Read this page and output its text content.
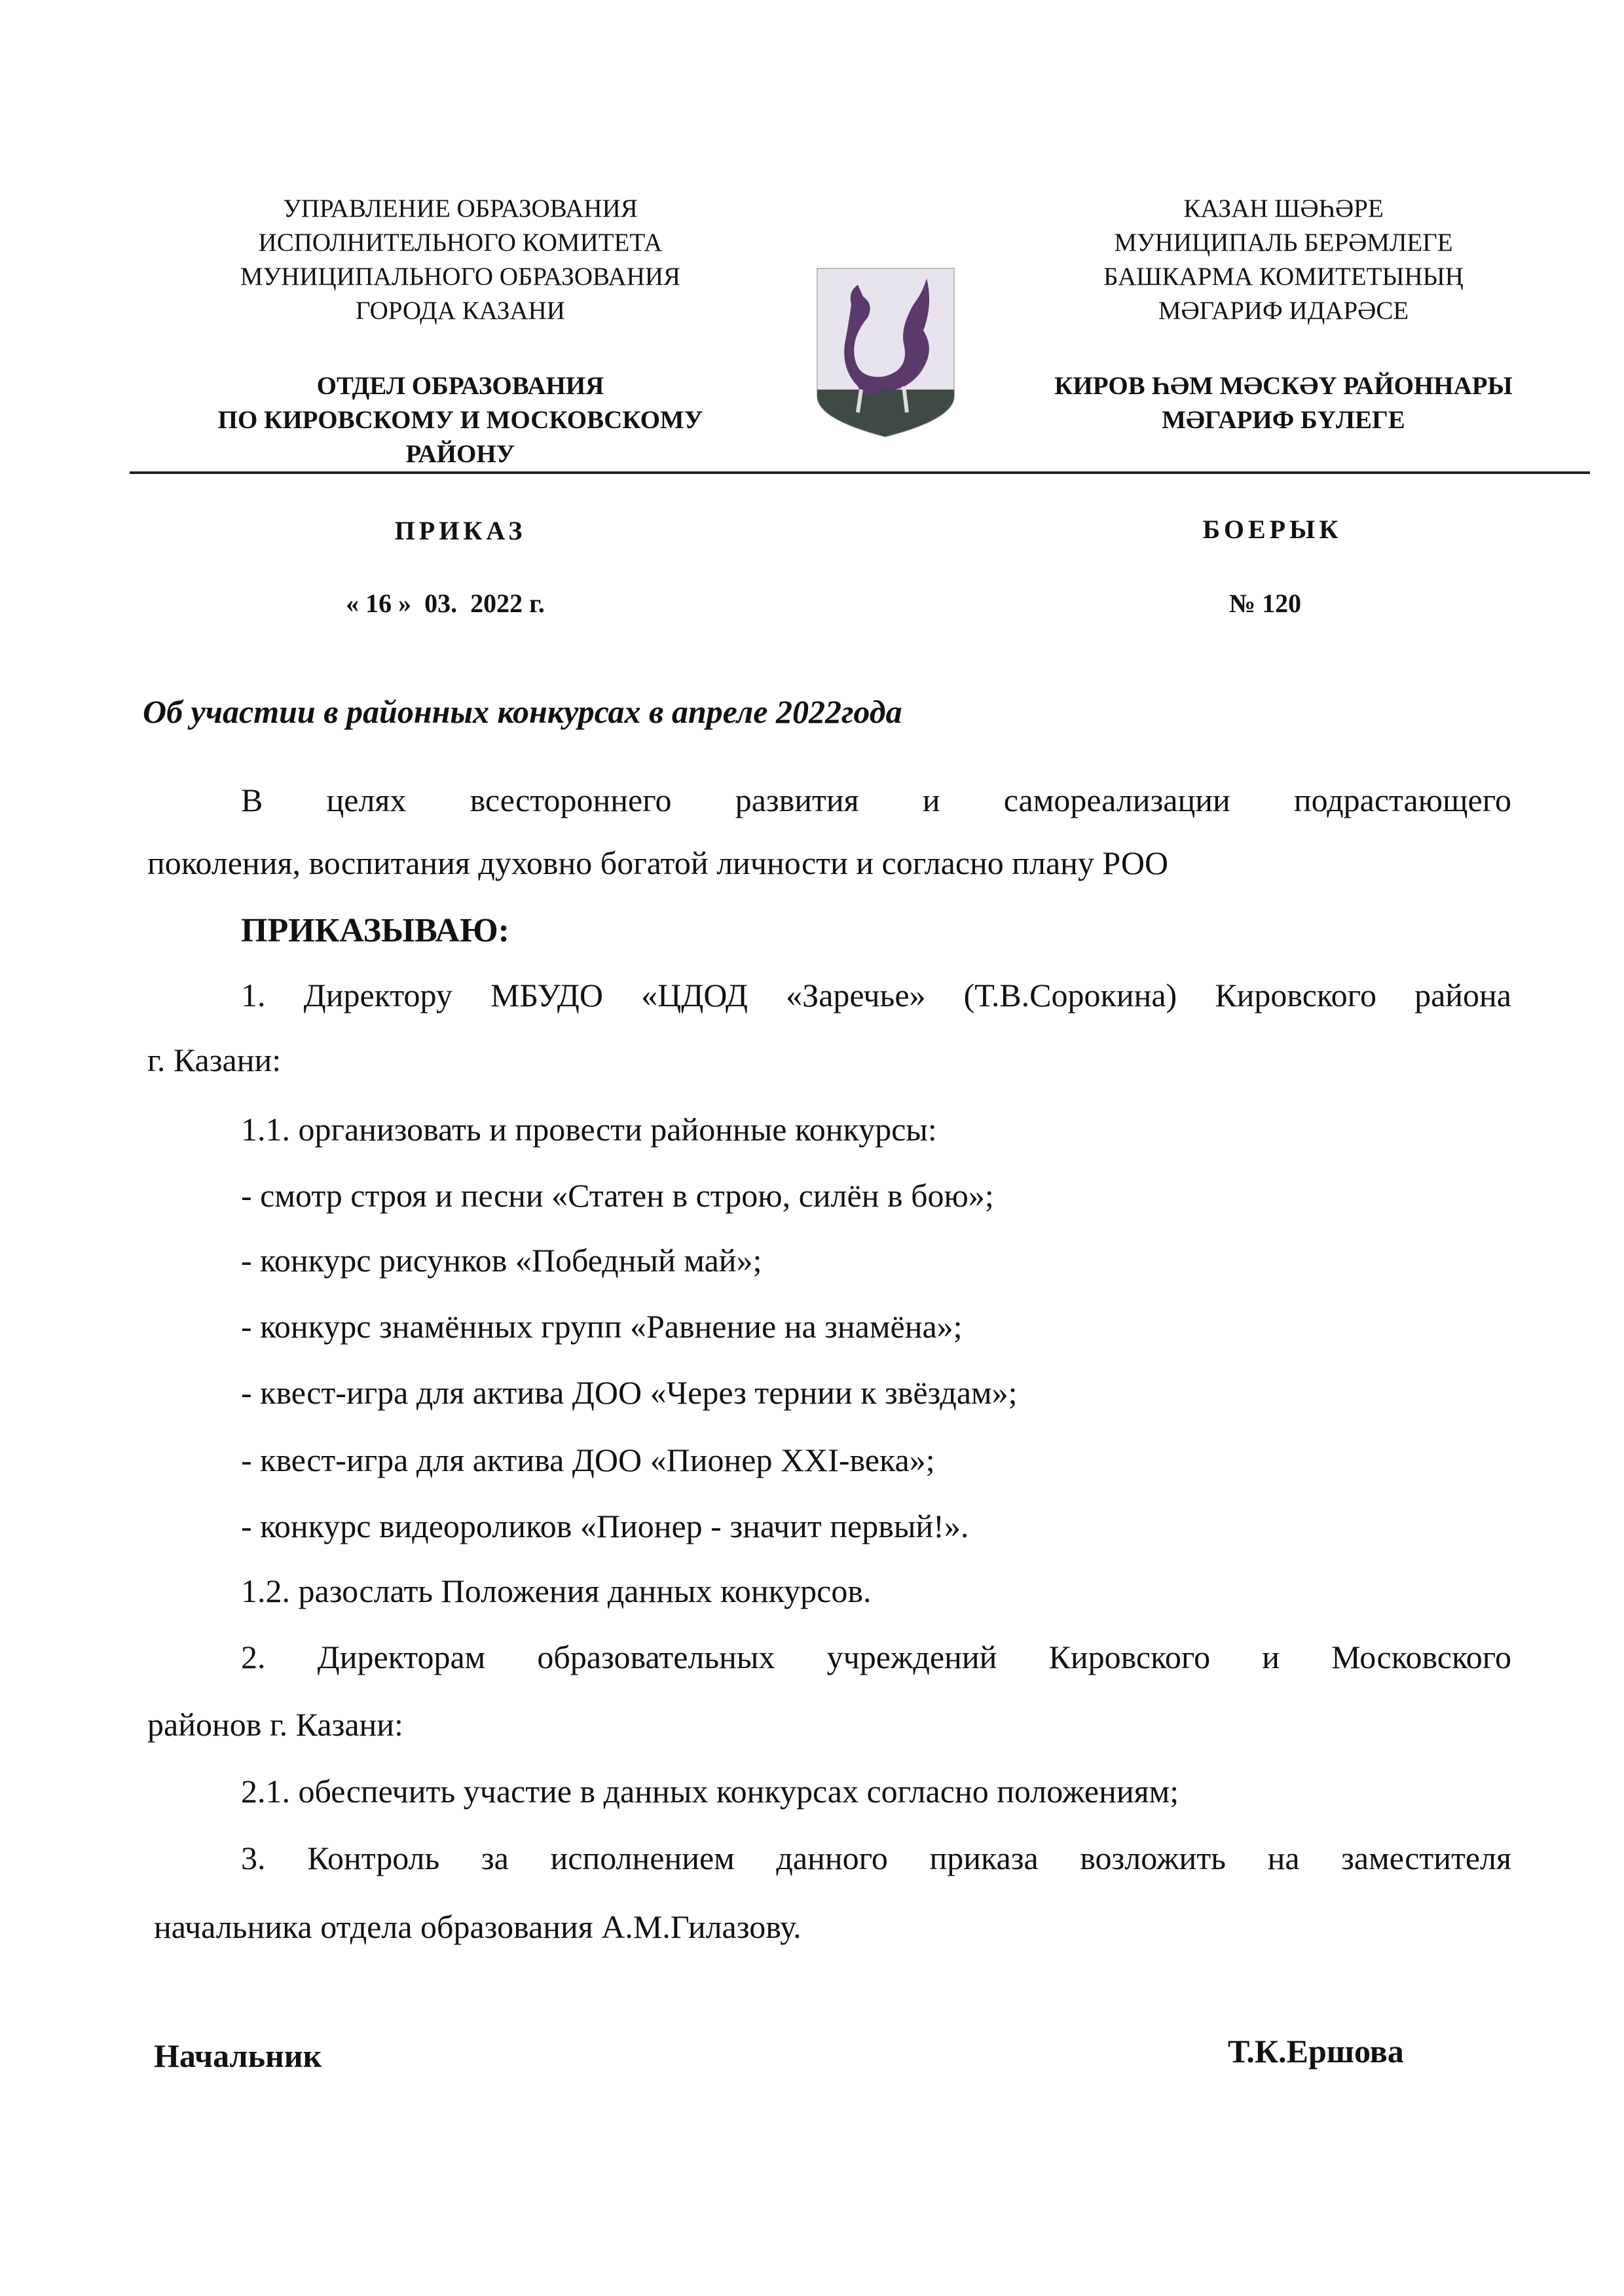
УПРАВЛЕНИЕ ОБРАЗОВАНИЯ
ИСПОЛНИТЕЛЬНОГО КОМИТЕТА
МУНИЦИПАЛЬНОГО ОБРАЗОВАНИЯ
ГОРОДА КАЗАНИ
ОТДЕЛ ОБРАЗОВАНИЯ
ПО КИРОВСКОМУ И МОСКОВСКОМУ
РАЙОНУ
КАЗАН ШӘҺӘРЕ
МУНИЦИПАЛЬ БЕРӘМЛЕГЕ
БАШКАРМА КОМИТЕТЫНЫҢ
МӘГАРИФ ИДАРӘСЕ
КИРОВ ҺӘМ МӘСКӘҮ РАЙОННАРЫ
МӘГАРИФ БҮЛЕГЕ
ПРИКАЗ	БОЕРЫК
« 16 »  03.  2022 г.	№ 120
Об участии в районных конкурсах в апреле 2022года
В целях всестороннего развития и самореализации подрастающего
поколения, воспитания духовно богатой личности и согласно плану РОО
ПРИКАЗЫВАЮ:
1. Директору МБУДО «ЦДОД «Заречье» (Т.В.Сорокина) Кировского района
г. Казани:
1.1. организовать и провести районные конкурсы:
- смотр строя и песни «Статен в строю, силён в бою»;
- конкурс рисунков «Победный май»;
- конкурс знамённых групп «Равнение на знамёна»;
- квест-игра для актива ДОО «Через тернии к звёздам»;
- квест-игра для актива ДОО «Пионер XXI-века»;
- конкурс видеороликов «Пионер - значит первый!».
1.2. разослать Положения данных конкурсов.
2. Директорам образовательных учреждений Кировского и Московского
районов г. Казани:
2.1. обеспечить участие в данных конкурсах согласно положениям;
3. Контроль за исполнением данного приказа возложить на заместителя
начальника отдела образования А.М.Гилазову.
Начальник	Т.К.Ершова
